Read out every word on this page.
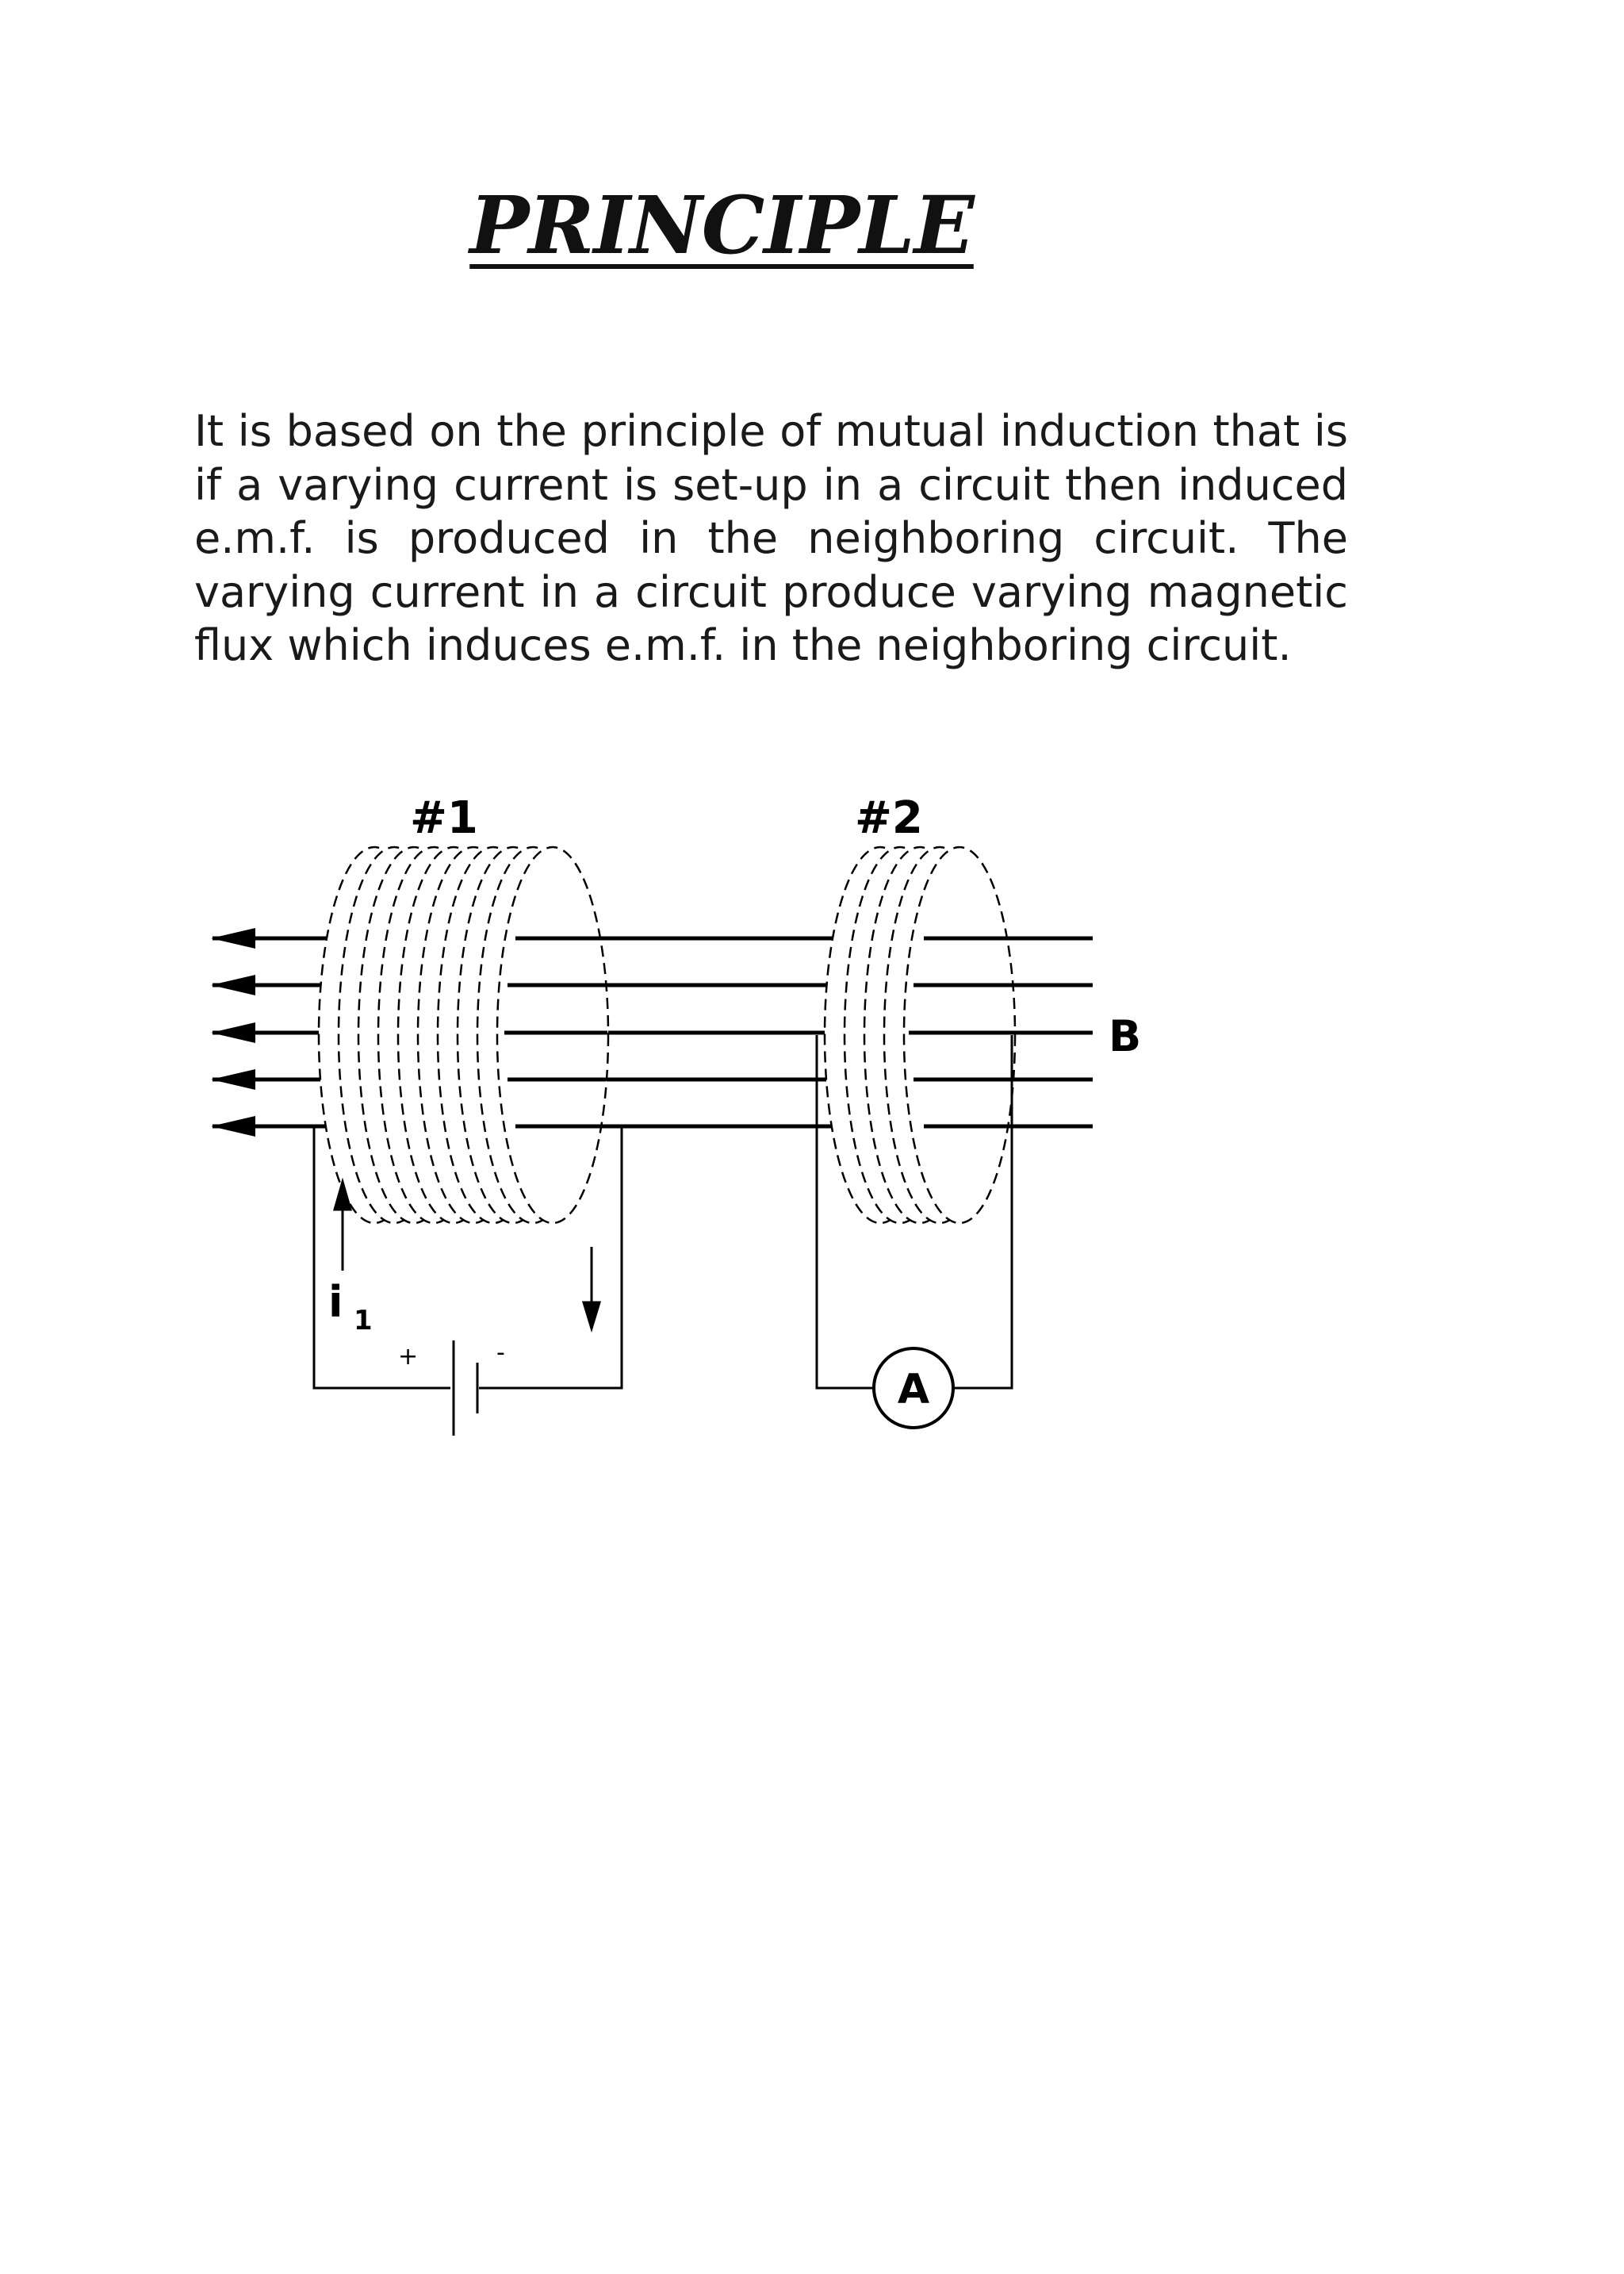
PRINCIPLE

It is based on the principle of mutual induction that is if a varying current is set-up in a circuit then induced e.m.f. is produced in the neighboring circuit. The varying current in a circuit produce varying magnetic flux which induces e.m.f. in the neighboring circuit.

#1	#2
B
i 1
+	-
A
